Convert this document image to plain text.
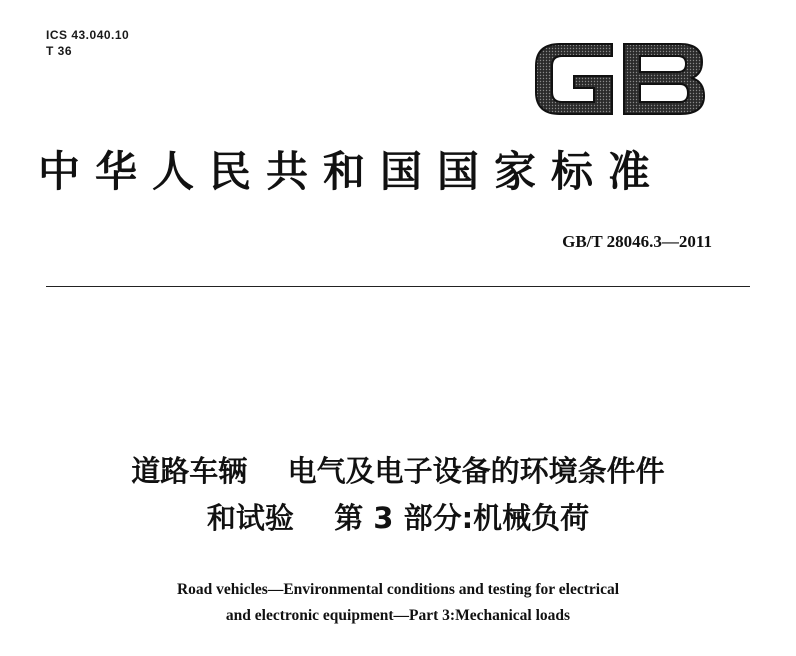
ICS 43.040.10
T 36
中华人民共和国国家标准
GB/T 28046.3—2011
道路车辆    电气及电子设备的环境条件件
和试验    第 3 部分:机械负荷
Road vehicles—Environmental conditions and testing for electrical
and electronic equipment—Part 3:Mechanical loads
